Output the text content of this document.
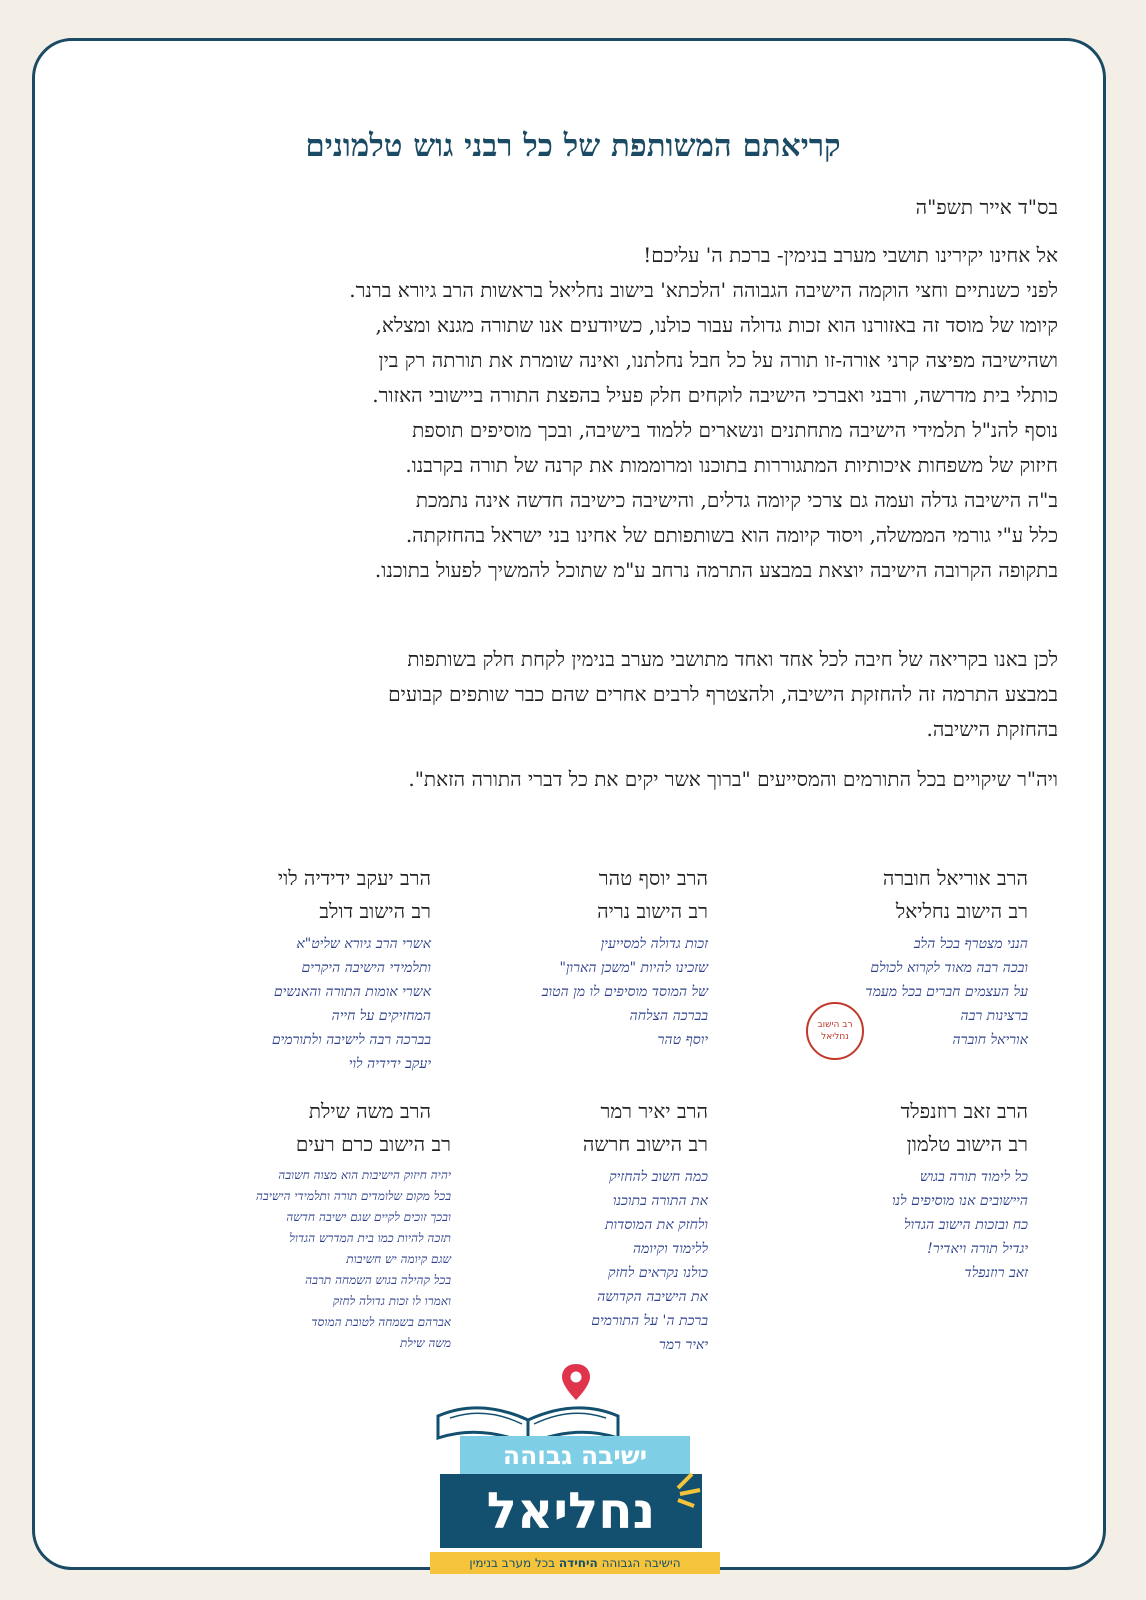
קריאתם המשותפת של כל רבני גוש טלמונים
בס"ד אייר תשפ"ה
אל אחינו יקירינו תושבי מערב בנימין- ברכת ה' עליכם!
לפני כשנתיים וחצי הוקמה הישיבה הגבוהה 'הלכתא' בישוב נחליאל בראשות הרב גיורא ברנר.
קיומו של מוסד זה באזורנו הוא זכות גדולה עבור כולנו, כשיודעים אנו שתורה מגנא ומצלא,
ושהישיבה מפיצה קרני אורה-זו תורה על כל חבל נחלתנו, ואינה שומרת את תורתה רק בין
כותלי בית מדרשה, ורבני ואברכי הישיבה לוקחים חלק פעיל בהפצת התורה ביישובי האזור.
נוסף להנ"ל תלמידי הישיבה מתחתנים ונשארים ללמוד בישיבה, ובכך מוסיפים תוספת
חיזוק של משפחות איכותיות המתגוררות בתוכנו ומרוממות את קרנה של תורה בקרבנו.
ב"ה הישיבה גדלה ועמה גם צרכי קיומה גדלים, והישיבה כישיבה חדשה אינה נתמכת
כלל ע"י גורמי הממשלה, ויסוד קיומה הוא בשותפותם של אחינו בני ישראל בהחזקתה.
בתקופה הקרובה הישיבה יוצאת במבצע התרמה נרחב ע"מ שתוכל להמשיך לפעול בתוכנו.
לכן באנו בקריאה של חיבה לכל אחד ואחד מתושבי מערב בנימין לקחת חלק בשותפות
במבצע התרמה זה להחזקת הישיבה, ולהצטרף לרבים אחרים שהם כבר שותפים קבועים
בהחזקת הישיבה.
ויה"ר שיקויים בכל התורמים והמסייעים "ברוך אשר יקים את כל דברי התורה הזאת".
הרב אוריאל חוברה
רב הישוב נחליאל
הנני מצטרף בכל הלב
ובכה רבה מאוד לקרוא לכולם
על העצמים חברים בכל מעמד
ברצינות רבה
אוריאל חוברה
רב הישוב נחליאל
הרב יוסף טהר
רב הישוב נריה
זכות גדולה למסייעין
שזכינו להיות "משכן הארון"
של המוסד מוסיפים לו מן הטוב
בברכה הצלחה
יוסף טהר
הרב יעקב ידידיה לוי
רב הישוב דולב
אשרי הרב גיורא שליט"א
ותלמידי הישיבה היקרים
אשרי אומות התורה והאנשים
המחזיקים על חייה
בברכה רבה לישיבה ולתורמים
יעקב ידידיה לוי
הרב זאב רוזנפלד
רב הישוב טלמון
כל לימוד תורה בגוש
היישובים אנו מוסיפים לנו
כח ובזכות הישוב הגדול
יגדיל תורה ויאדיר!
זאב רוזנפלד
הרב יאיר רמר
רב הישוב חרשה
כמה חשוב להחזיק
את התורה בתוכנו
ולחזק את המוסדות
ללימוד וקיומה
כולנו נקראים לחזק
את הישיבה הקדושה
ברכת ה' על התורמים
יאיר רמר
הרב משה שילת
רב הישוב כרם רעים
יהיה חיזוק הישיבות הוא מצוה חשובה
בכל מקום שלומדים תורה ותלמידי הישיבה
ובכך זוכים לקיים שגם ישיבה חדשה
תזכה להיות כמו בית המדרש הגדול
שגם קיומה יש חשיבות
בכל קהילה בגוש השמחה תרבה
ואמרו לו זכות גדולה לחזק
אברהם בשמחה לטובת המוסד
משה שילת
ישיבה גבוהה
נחליאל
הישיבה הגבוהה היחידה בכל מערב בנימין
